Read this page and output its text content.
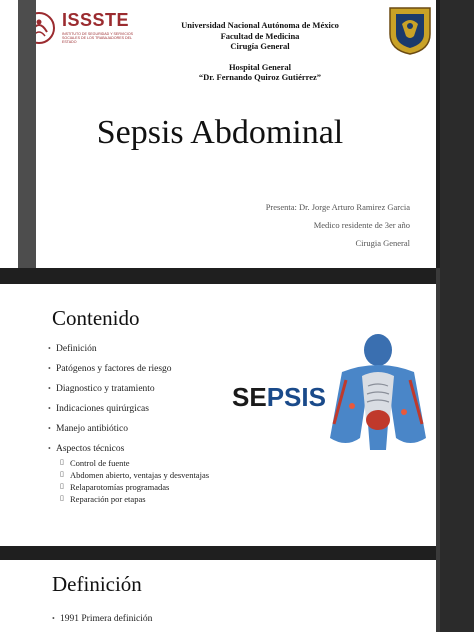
ISSSTE
INSTITUTO DE SEGURIDAD Y SERVICIOS SOCIALES DE LOS TRABAJADORES DEL ESTADO
Universidad Nacional Autónoma de México
Facultad de Medicina
Cirugía General
Hospital General
“Dr. Fernando Quiroz Gutiérrez”
Sepsis Abdominal
Presenta: Dr. Jorge Arturo Ramirez Garcia
Medico residente de 3er año
Cirugia General
Contenido
• Definición
• Patógenos y factores de riesgo
• Diagnostico y tratamiento
• Indicaciones quirúrgicas
• Manejo antibiótico
• Aspectos técnicos
▯ Control de fuente
▯ Abdomen abierto, ventajas y desventajas
▯ Relaparotomías programadas
▯ Reparación por etapas
SEPSIS
Definición
• 1991 Primera definición
